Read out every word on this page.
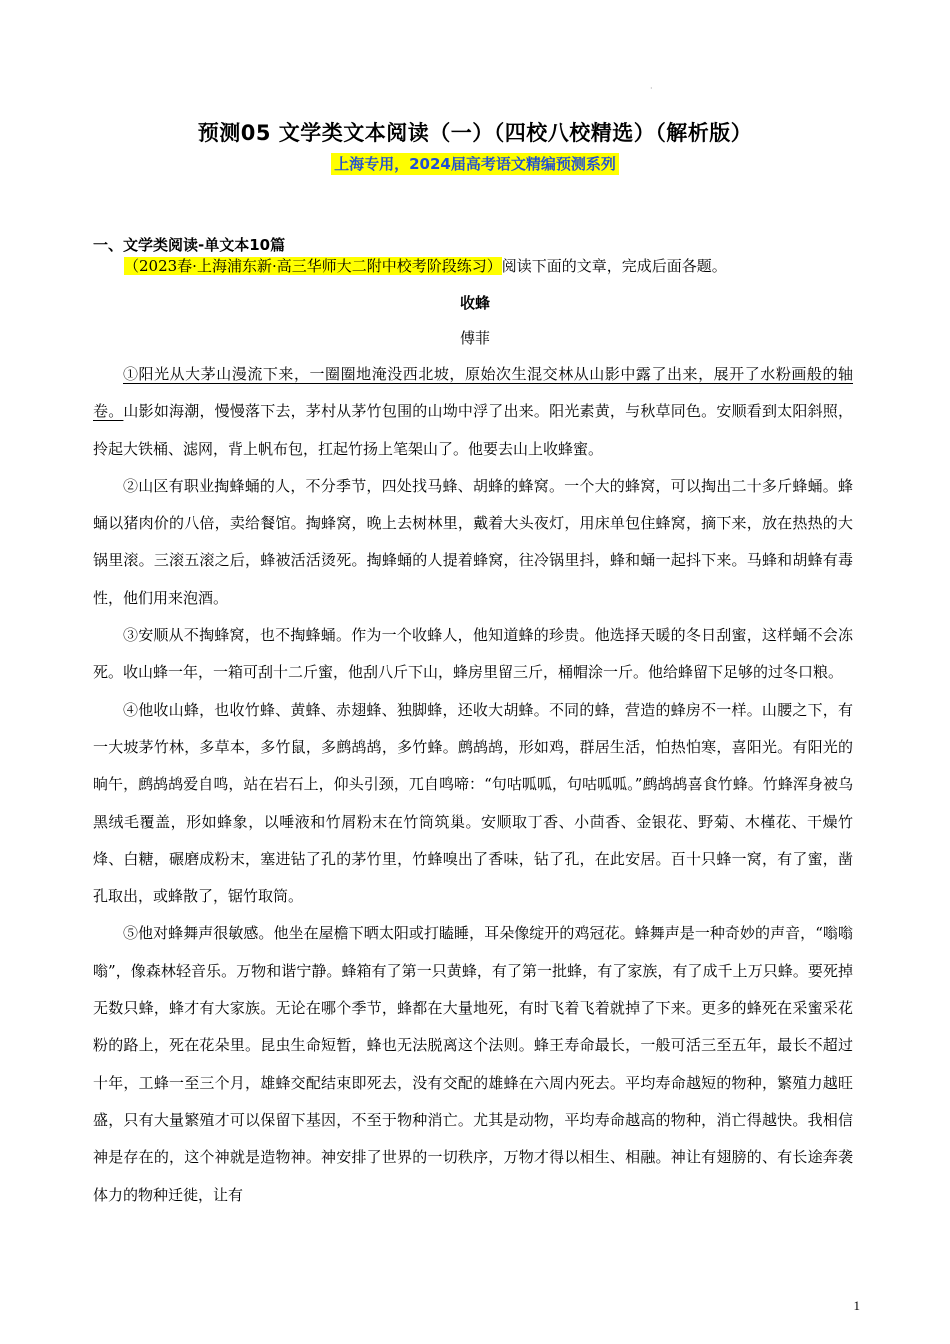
·
预测05 文学类文本阅读（一）（四校八校精选）（解析版）
上海专用，2024届高考语文精编预测系列
一、文学类阅读-单文本10篇
（2023春·上海浦东新·高三华师大二附中校考阶段练习）阅读下面的文章，完成后面各题。
收蜂
傅菲

①阳光从大茅山漫流下来，一圈圈地淹没西北坡，原始次生混交林从山影中露了出来，展开了水粉画般的轴卷。山影如海潮，慢慢落下去，茅村从茅竹包围的山坳中浮了出来。阳光素黄，与秋草同色。安顺看到太阳斜照，拎起大铁桶、滤网，背上帆布包，扛起竹扬上笔架山了。他要去山上收蜂蜜。

②山区有职业掏蜂蛹的人，不分季节，四处找马蜂、胡蜂的蜂窝。一个大的蜂窝，可以掏出二十多斤蜂蛹。蜂蛹以猪肉价的八倍，卖给餐馆。掏蜂窝，晚上去树林里，戴着大头夜灯，用床单包住蜂窝，摘下来，放在热热的大锅里滚。三滚五滚之后，蜂被活活烫死。掏蜂蛹的人提着蜂窝，往冷锅里抖，蜂和蛹一起抖下来。马蜂和胡蜂有毒性，他们用来泡酒。

③安顺从不掏蜂窝，也不掏蜂蛹。作为一个收蜂人，他知道蜂的珍贵。他选择天暖的冬日刮蜜，这样蛹不会冻死。收山蜂一年，一箱可刮十二斤蜜，他刮八斤下山，蜂房里留三斤，桶帽涂一斤。他给蜂留下足够的过冬口粮。

④他收山蜂，也收竹蜂、黄蜂、赤翅蜂、独脚蜂，还收大胡蜂。不同的蜂，营造的蜂房不一样。山腰之下，有一大坡茅竹林，多草本，多竹鼠，多鹧鸪鸪，多竹蜂。鹧鸪鸪，形如鸡，群居生活，怕热怕寒，喜阳光。有阳光的晌午，鹧鸪鸪爱自鸣，站在岩石上，仰头引颈，兀自鸣啼：“句咕呱呱，句咕呱呱。”鹧鸪鸪喜食竹蜂。竹蜂浑身被乌黑绒毛覆盖，形如蜂象，以唾液和竹屑粉末在竹筒筑巢。安顺取丁香、小茴香、金银花、野菊、木槿花、干燥竹烽、白糖，碾磨成粉末，塞进钻了孔的茅竹里，竹蜂嗅出了香味，钻了孔，在此安居。百十只蜂一窝，有了蜜，凿孔取出，或蜂散了，锯竹取筒。

⑤他对蜂舞声很敏感。他坐在屋檐下晒太阳或打瞌睡，耳朵像绽开的鸡冠花。蜂舞声是一种奇妙的声音，“嗡嗡嗡”，像森林轻音乐。万物和谐宁静。蜂箱有了第一只黄蜂，有了第一批蜂，有了家族，有了成千上万只蜂。要死掉无数只蜂，蜂才有大家族。无论在哪个季节，蜂都在大量地死，有时飞着飞着就掉了下来。更多的蜂死在采蜜采花粉的路上，死在花朵里。昆虫生命短暂，蜂也无法脱离这个法则。蜂王寿命最长，一般可活三至五年，最长不超过十年，工蜂一至三个月，雄蜂交配结束即死去，没有交配的雄蜂在六周内死去。平均寿命越短的物种，繁殖力越旺盛，只有大量繁殖才可以保留下基因，不至于物种消亡。尤其是动物，平均寿命越高的物种，消亡得越快。我相信神是存在的，这个神就是造物神。神安排了世界的一切秩序，万物才得以相生、相融。神让有翅膀的、有长途奔袭体力的物种迁徙，让有

1
